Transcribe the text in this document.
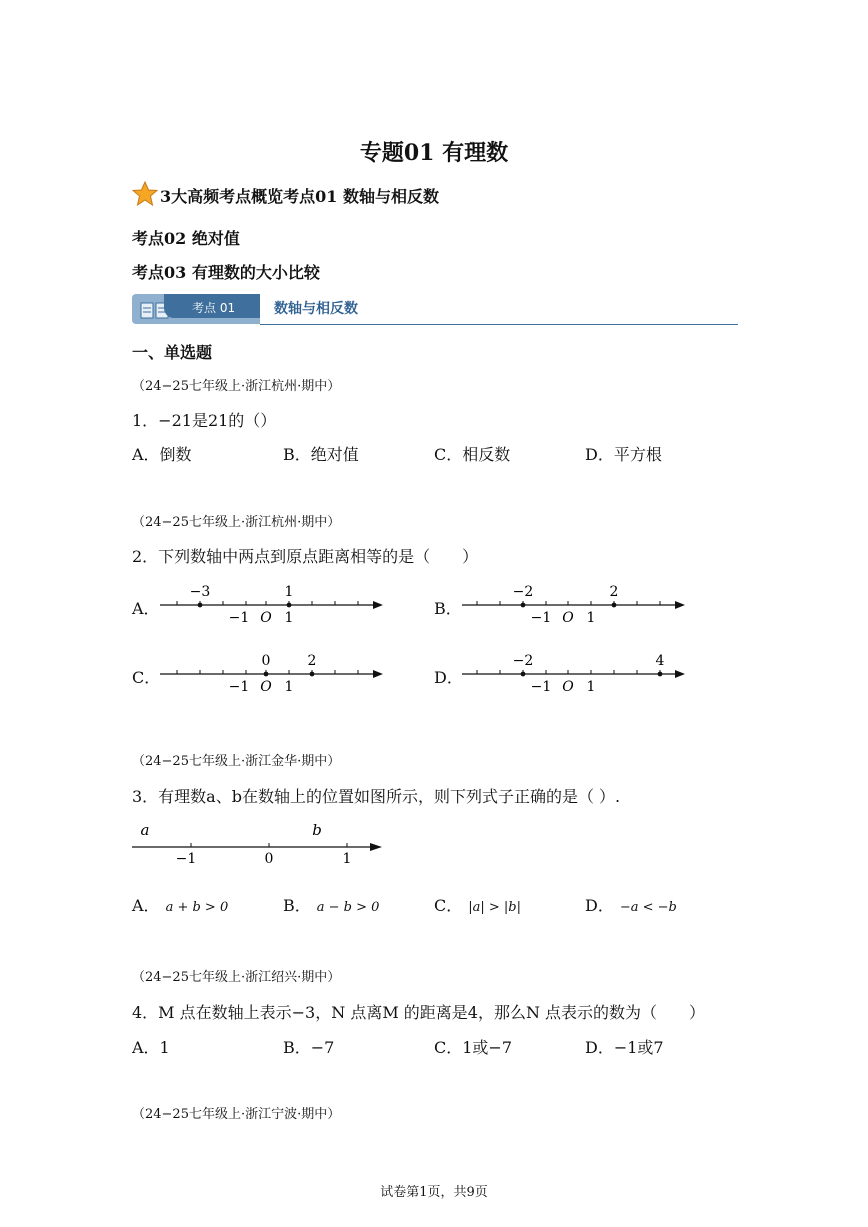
专题01 有理数
3大高频考点概览考点01 数轴与相反数
考点02 绝对值
考点03 有理数的大小比较
考点 01	数轴与相反数
一、单选题
（24−25七年级上·浙江杭州·期中）
1．−21是21的（）
A．倒数	B．绝对值	C．相反数	D．平方根
（24−25七年级上·浙江杭州·期中）
2．下列数轴中两点到原点距离相等的是（　　）
A．	B．
C．	D．
−3	1
−1 O 1
−2	2
−1 O 1
0	2
−1 O 1
−2	4
−1 O 1
（24−25七年级上·浙江金华·期中）
3．有理数a、b在数轴上的位置如图所示，则下列式子正确的是（ ）.
a	b
−1	0	1
A． a + b > 0	B． a − b > 0	C． |a| > |b|	D． −a < −b
（24−25七年级上·浙江绍兴·期中）
4．M 点在数轴上表示−3，N 点离M 的距离是4，那么N 点表示的数为（　　）
A．1	B．−7	C．1或−7	D．−1或7
（24−25七年级上·浙江宁波·期中）
试卷第1页，共9页
